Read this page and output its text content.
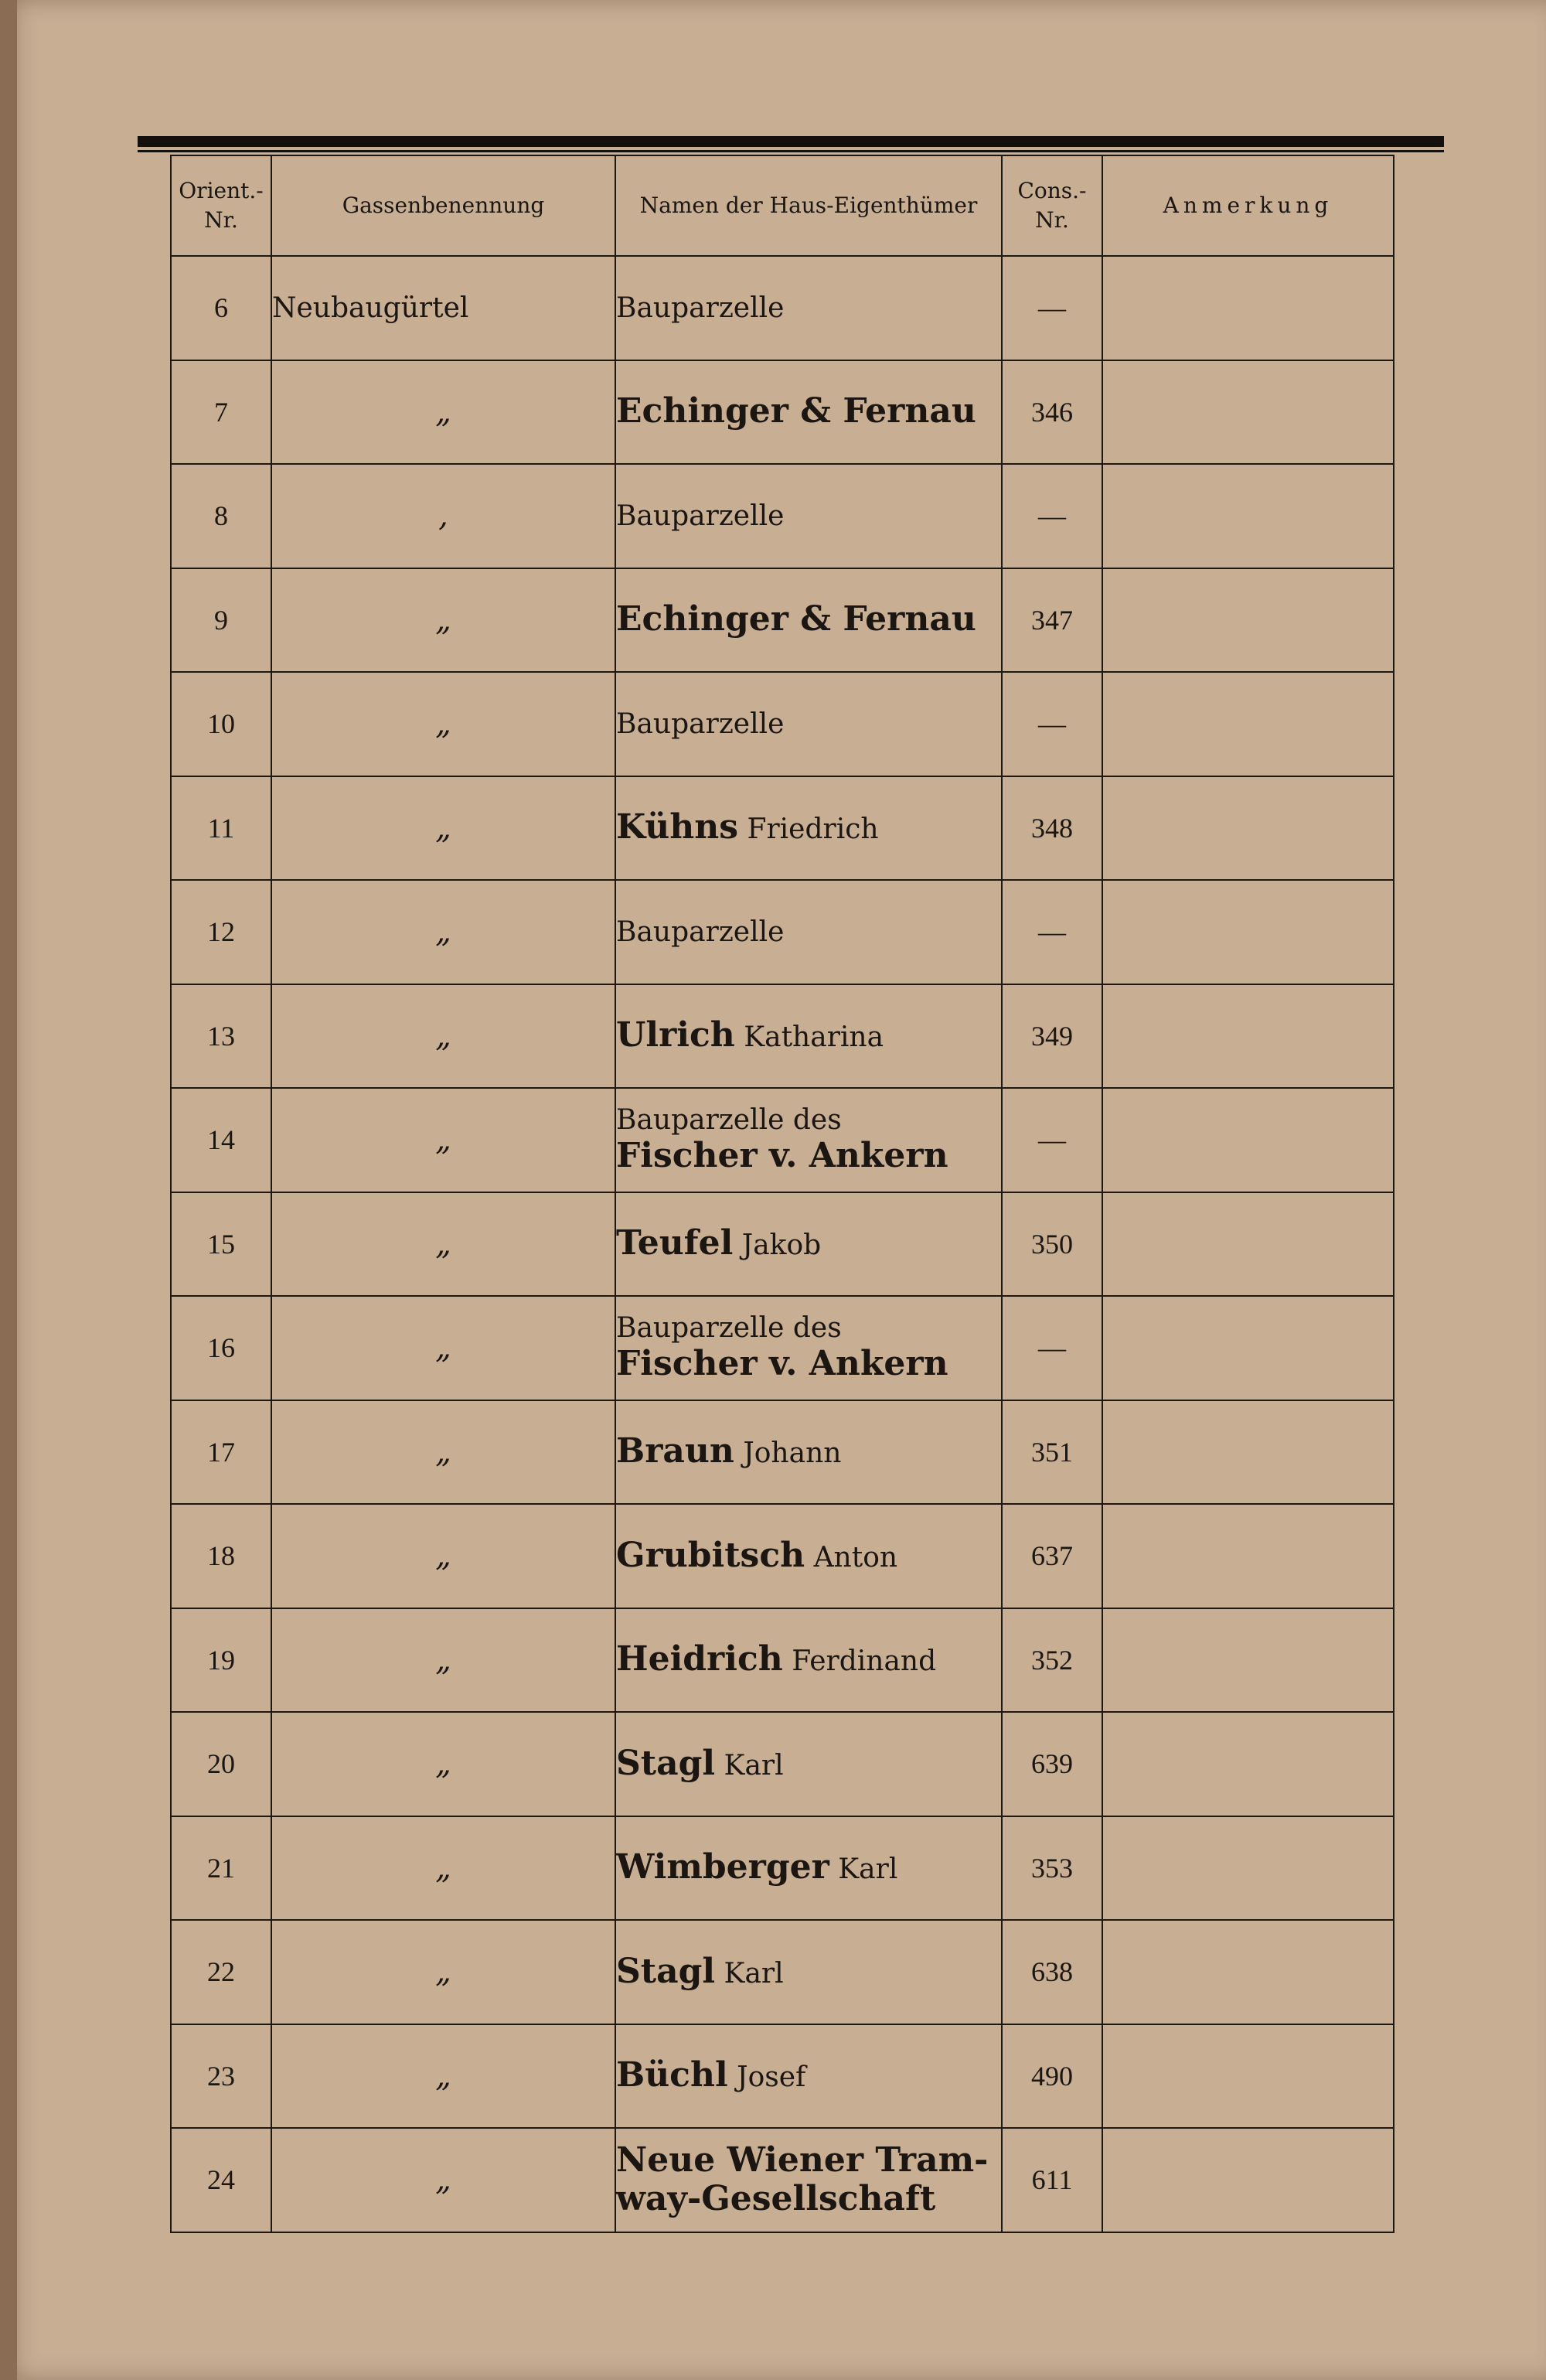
Orient.-
Nr.	Gassenbenennung	Namen der Haus-Eigenthümer	Cons.-
Nr.	Anmerkung
6	Neubaugürtel	Bauparzelle	—	
7	„	Echinger & Fernau	346	
8	,	Bauparzelle	—	
9	„	Echinger & Fernau	347	
10	„	Bauparzelle	—	
11	„	Kühns Friedrich	348	
12	„	Bauparzelle	—	
13	„	Ulrich Katharina	349	
14	„	Bauparzelle des
Fischer v. Ankern	—	
15	„	Teufel Jakob	350	
16	„	Bauparzelle des
Fischer v. Ankern	—	
17	„	Braun Johann	351	
18	„	Grubitsch Anton	637	
19	„	Heidrich Ferdinand	352	
20	„	Stagl Karl	639	
21	„	Wimberger Karl	353	
22	„	Stagl Karl	638	
23	„	Büchl Josef	490	
24	„	Neue Wiener Tram-
way-Gesellschaft	611	
